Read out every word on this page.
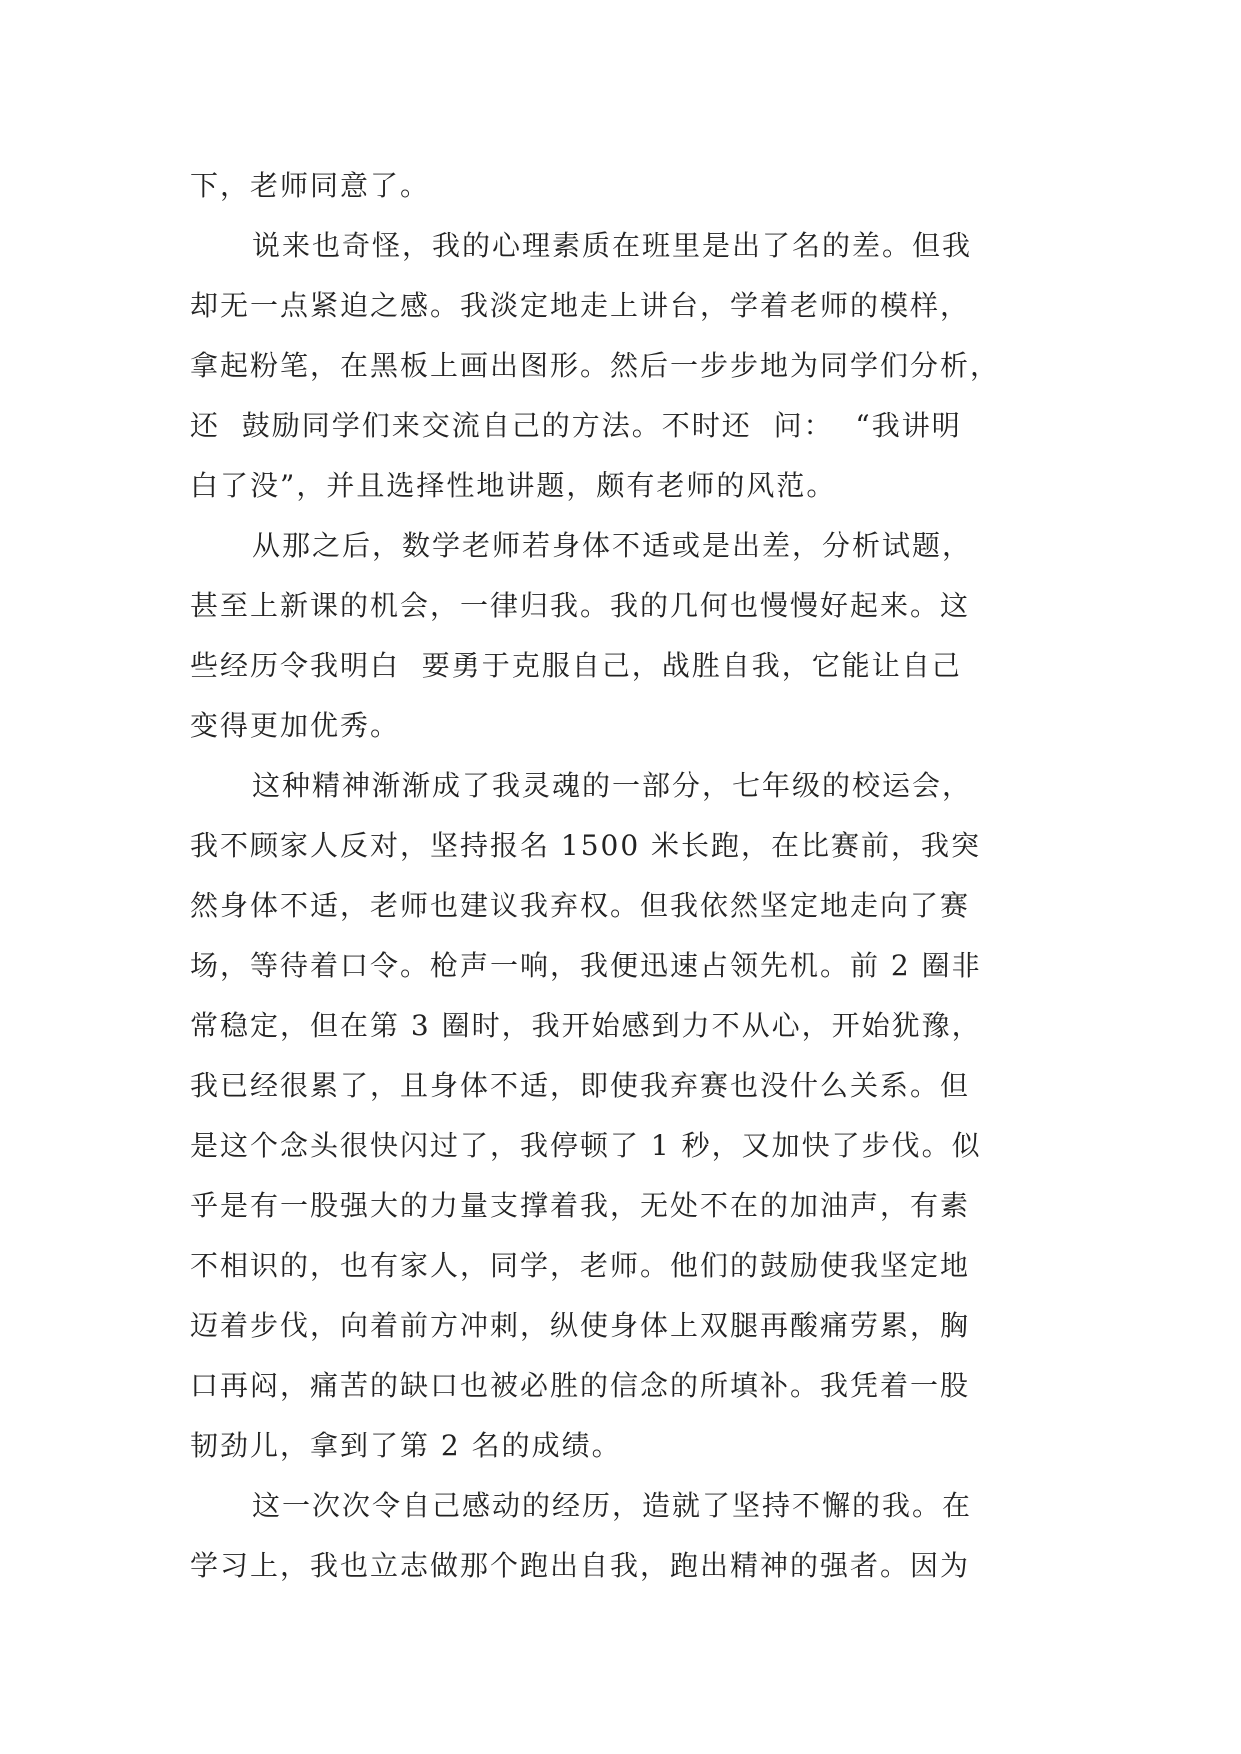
下，老师同意了。
说来也奇怪，我的心理素质在班里是出了名的差。但我
却无一点紧迫之感。我淡定地走上讲台，学着老师的模样，
拿起粉笔，在黑板上画出图形。然后一步步地为同学们分析，
还  鼓励同学们来交流自己的方法。不时还  问：  “我讲明
白了没”，并且选择性地讲题，颇有老师的风范。
从那之后，数学老师若身体不适或是出差，分析试题，
甚至上新课的机会，一律归我。我的几何也慢慢好起来。这
些经历令我明白  要勇于克服自己，战胜自我，它能让自己
变得更加优秀。
这种精神渐渐成了我灵魂的一部分，七年级的校运会，
我不顾家人反对，坚持报名 1500 米长跑，在比赛前，我突
然身体不适，老师也建议我弃权。但我依然坚定地走向了赛
场，等待着口令。枪声一响，我便迅速占领先机。前 2 圈非
常稳定，但在第 3 圈时，我开始感到力不从心，开始犹豫，
我已经很累了，且身体不适，即使我弃赛也没什么关系。但
是这个念头很快闪过了，我停顿了 1 秒，又加快了步伐。似
乎是有一股强大的力量支撑着我，无处不在的加油声，有素
不相识的，也有家人，同学，老师。他们的鼓励使我坚定地
迈着步伐，向着前方冲刺，纵使身体上双腿再酸痛劳累，胸
口再闷，痛苦的缺口也被必胜的信念的所填补。我凭着一股
韧劲儿，拿到了第 2 名的成绩。
这一次次令自己感动的经历，造就了坚持不懈的我。在
学习上，我也立志做那个跑出自我，跑出精神的强者。因为
